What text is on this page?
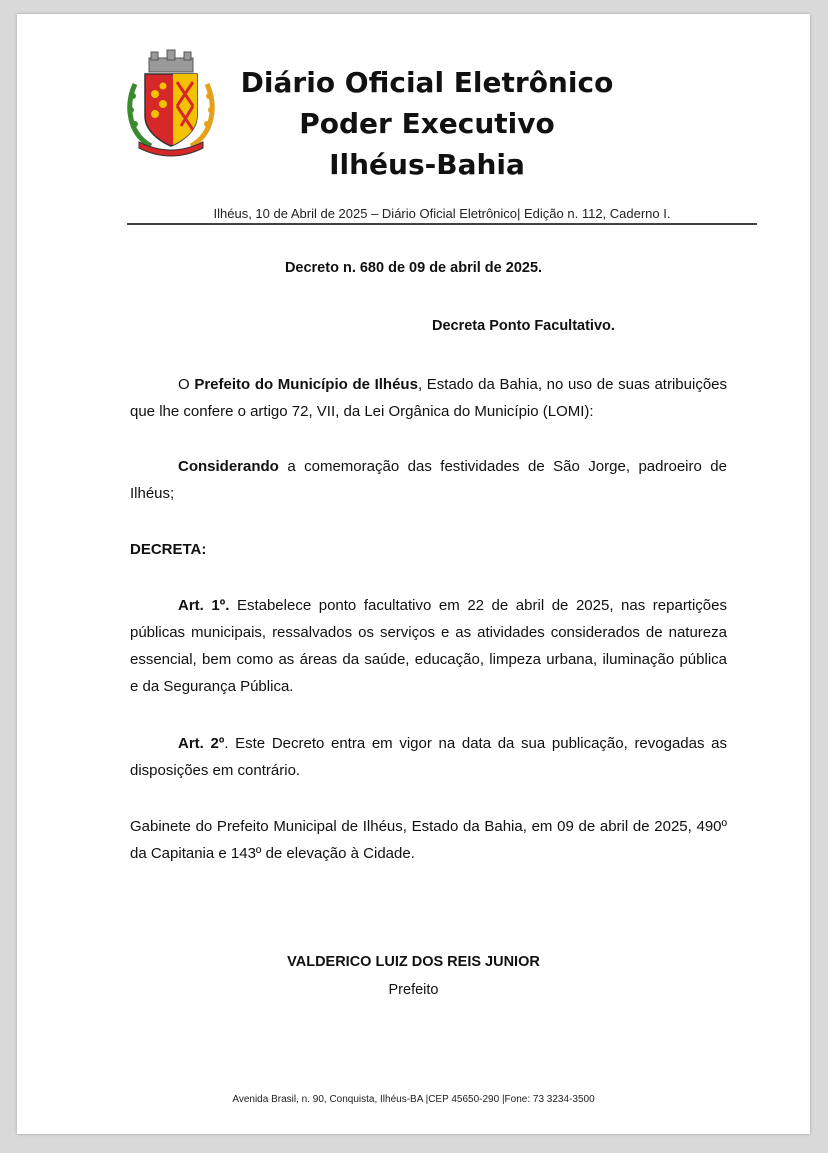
Diário Oficial Eletrônico
Poder Executivo
Ilhéus-Bahia
Ilhéus, 10 de Abril de 2025 – Diário Oficial Eletrônico| Edição n. 112, Caderno I.
Decreto n. 680 de 09 de abril de 2025.
Decreta Ponto Facultativo.
O Prefeito do Município de Ilhéus, Estado da Bahia, no uso de suas atribuições que lhe confere o artigo 72, VII, da Lei Orgânica do Município (LOMI):
Considerando a comemoração das festividades de São Jorge, padroeiro de Ilhéus;
DECRETA:
Art. 1º. Estabelece ponto facultativo em 22 de abril de 2025, nas repartições públicas municipais, ressalvados os serviços e as atividades considerados de natureza essencial, bem como as áreas da saúde, educação, limpeza urbana, iluminação pública e da Segurança Pública.
Art. 2º. Este Decreto entra em vigor na data da sua publicação, revogadas as disposições em contrário.
Gabinete do Prefeito Municipal de Ilhéus, Estado da Bahia, em 09 de abril de 2025, 490º da Capitania e 143º de elevação à Cidade.
VALDERICO LUIZ DOS REIS JUNIOR
Prefeito
Avenida Brasil, n. 90, Conquista, Ilhéus-BA |CEP 45650-290 |Fone: 73 3234-3500
